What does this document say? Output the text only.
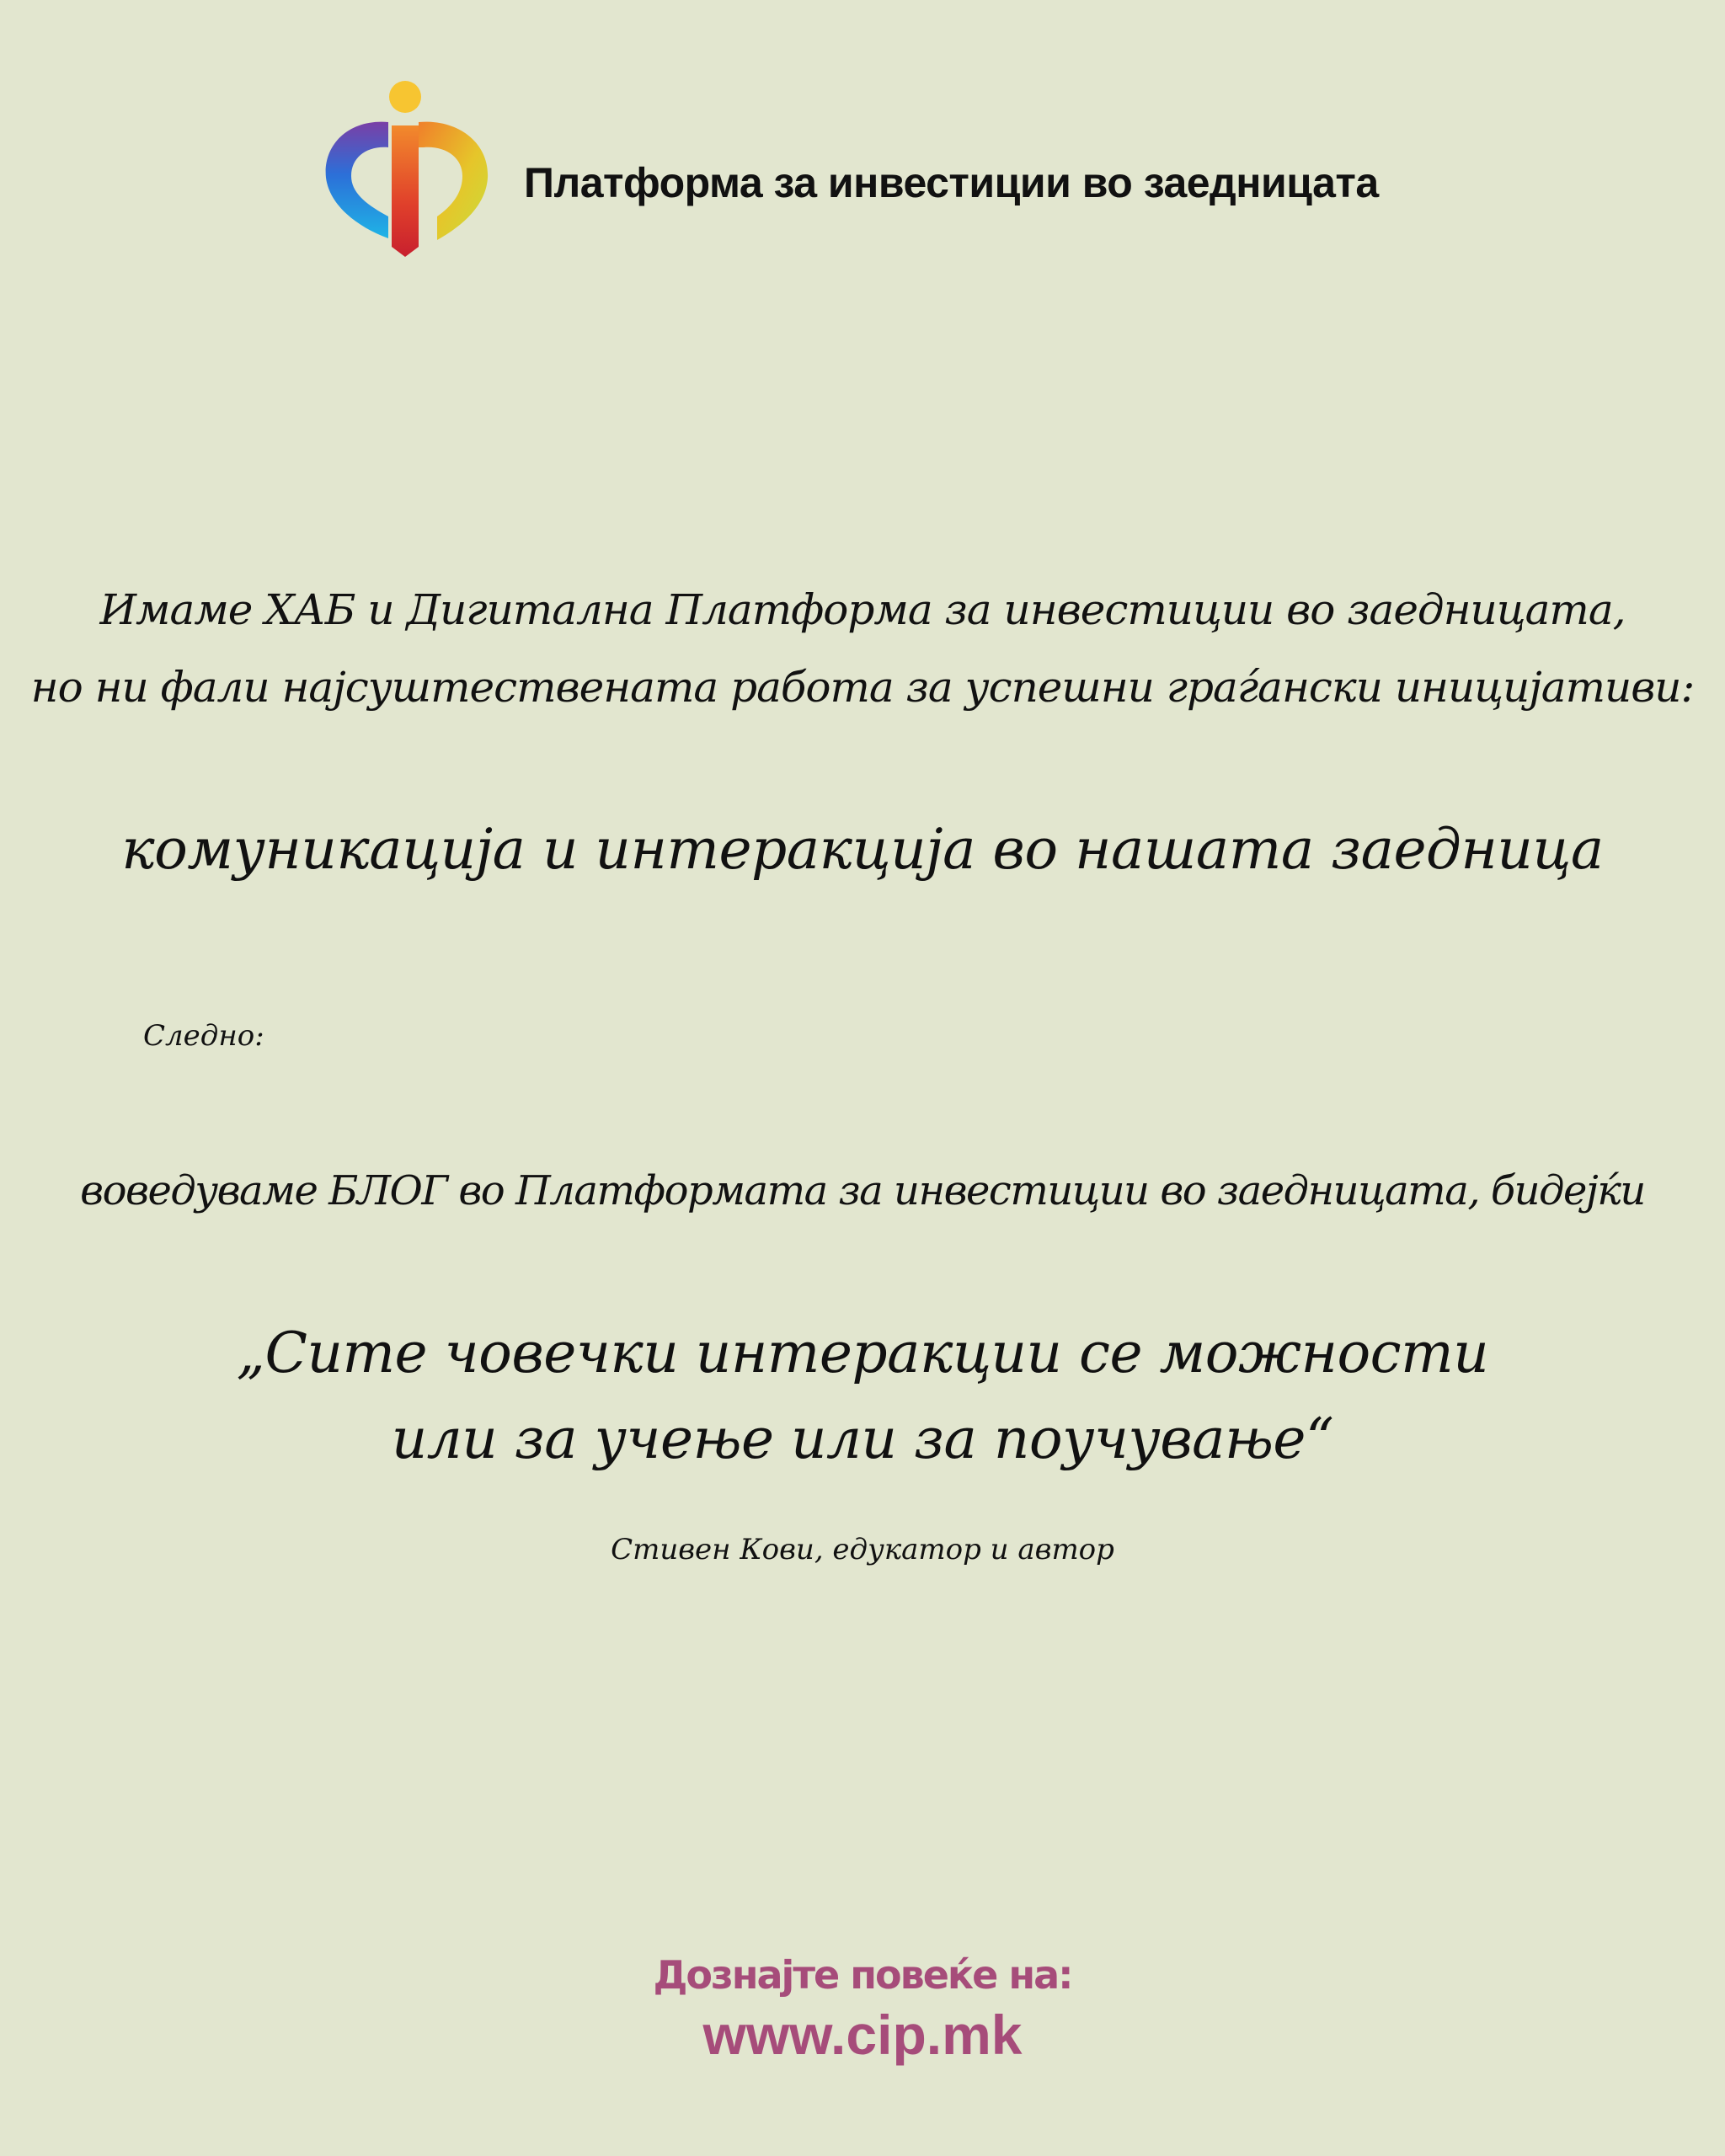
Платформа за инвестиции во заедницата
Имаме ХАБ и Дигитална Платформа за инвестиции во заедницата,
но ни фали најсуштествената работа за успешни граѓански иницијативи:
комуникација и интеракција во нашата заедница
Следно:
воведуваме БЛОГ во Платформата за инвестиции во заедницата, бидејќи
„Сите човечки интеракции се можности
или за учење или за поучување“
Стивен Кови, едукатор и автор
Дознајте повеќе на:
www.cip.mk
